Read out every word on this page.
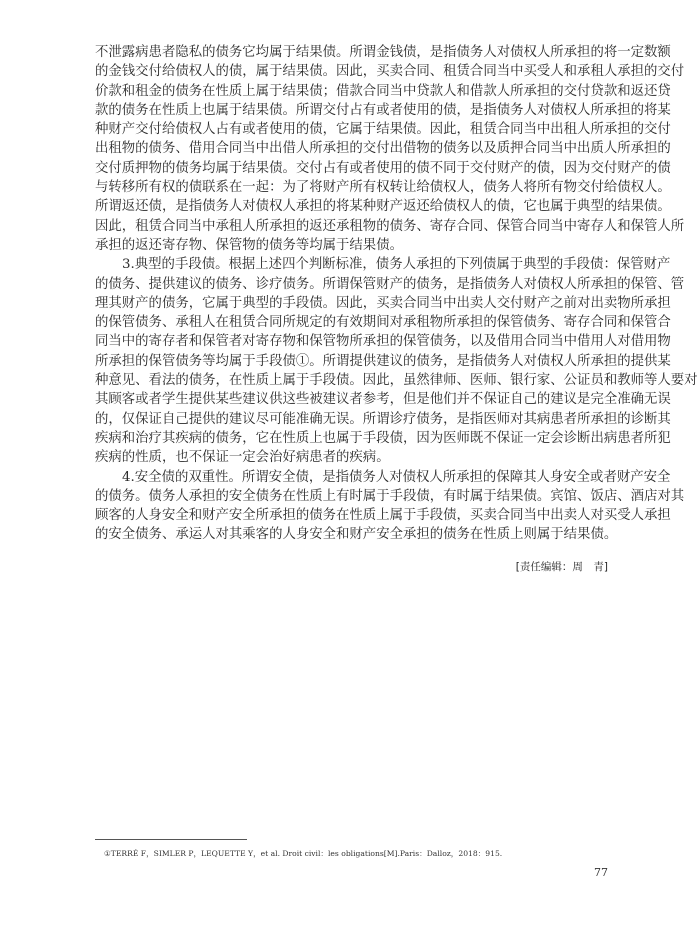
不泄露病患者隐私的债务它均属于结果债。所谓金钱债，是指债务人对债权人所承担的将一定数额
的金钱交付给债权人的债，属于结果债。因此，买卖合同、租赁合同当中买受人和承租人承担的交付
价款和租金的债务在性质上属于结果债；借款合同当中贷款人和借款人所承担的交付贷款和返还贷
款的债务在性质上也属于结果债。所谓交付占有或者使用的债，是指债务人对债权人所承担的将某
种财产交付给债权人占有或者使用的债，它属于结果债。因此，租赁合同当中出租人所承担的交付
出租物的债务、借用合同当中出借人所承担的交付出借物的债务以及质押合同当中出质人所承担的
交付质押物的债务均属于结果债。交付占有或者使用的债不同于交付财产的债，因为交付财产的债
与转移所有权的债联系在一起：为了将财产所有权转让给债权人，债务人将所有物交付给债权人。
所谓返还债，是指债务人对债权人承担的将某种财产返还给债权人的债，它也属于典型的结果债。
因此，租赁合同当中承租人所承担的返还承租物的债务、寄存合同、保管合同当中寄存人和保管人所
承担的返还寄存物、保管物的债务等均属于结果债。
3.典型的手段债。根据上述四个判断标准，债务人承担的下列债属于典型的手段债：保管财产
的债务、提供建议的债务、诊疗债务。所谓保管财产的债务，是指债务人对债权人所承担的保管、管
理其财产的债务，它属于典型的手段债。因此，买卖合同当中出卖人交付财产之前对出卖物所承担
的保管债务、承租人在租赁合同所规定的有效期间对承租物所承担的保管债务、寄存合同和保管合
同当中的寄存者和保管者对寄存物和保管物所承担的保管债务，以及借用合同当中借用人对借用物
所承担的保管债务等均属于手段债①。所谓提供建议的债务，是指债务人对债权人所承担的提供某
种意见、看法的债务，在性质上属于手段债。因此，虽然律师、医师、银行家、公证员和教师等人要对
其顾客或者学生提供某些建议供这些被建议者参考，但是他们并不保证自己的建议是完全准确无误
的，仅保证自己提供的建议尽可能准确无误。所谓诊疗债务，是指医师对其病患者所承担的诊断其
疾病和治疗其疾病的债务，它在性质上也属于手段债，因为医师既不保证一定会诊断出病患者所犯
疾病的性质，也不保证一定会治好病患者的疾病。
4.安全债的双重性。所谓安全债，是指债务人对债权人所承担的保障其人身安全或者财产安全
的债务。债务人承担的安全债务在性质上有时属于手段债，有时属于结果债。宾馆、饭店、酒店对其
顾客的人身安全和财产安全所承担的债务在性质上属于手段债，买卖合同当中出卖人对买受人承担
的安全债务、承运人对其乘客的人身安全和财产安全承担的债务在性质上则属于结果债。
[责任编辑：周　青]
①TERRÉ F，SIMLER P，LEQUETTE Y，et al. Droit civil：les obligations[M].Paris：Dalloz，2018：915.
77
